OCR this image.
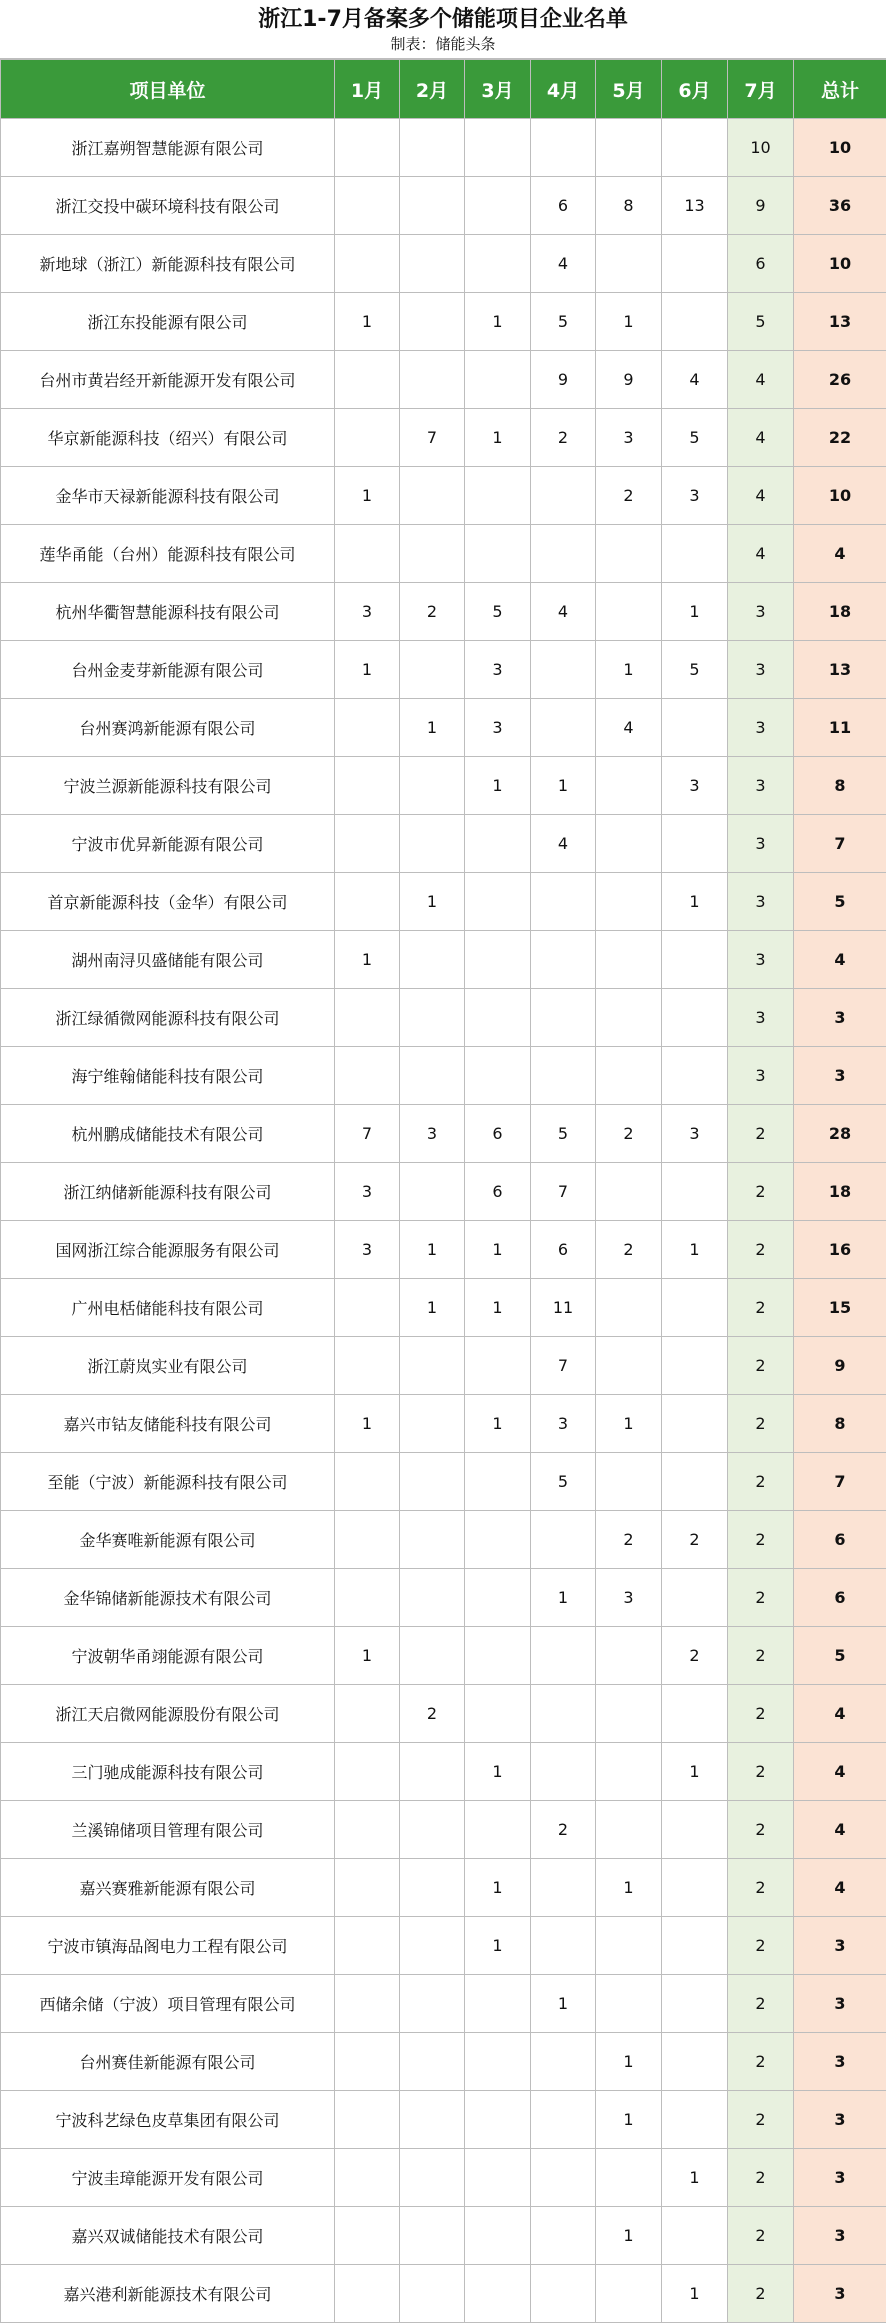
浙江1-7月备案多个储能项目企业名单
制表：储能头条
项目单位	1月	2月	3月	4月	5月	6月	7月	总计
浙江嘉朔智慧能源有限公司							10	10
浙江交投中碳环境科技有限公司				6	8	13	9	36
新地球（浙江）新能源科技有限公司				4			6	10
浙江东投能源有限公司	1		1	5	1		5	13
台州市黄岩经开新能源开发有限公司				9	9	4	4	26
华京新能源科技（绍兴）有限公司		7	1	2	3	5	4	22
金华市天禄新能源科技有限公司	1				2	3	4	10
莲华甬能（台州）能源科技有限公司							4	4
杭州华衢智慧能源科技有限公司	3	2	5	4		1	3	18
台州金麦芽新能源有限公司	1		3		1	5	3	13
台州赛鸿新能源有限公司		1	3		4		3	11
宁波兰源新能源科技有限公司			1	1		3	3	8
宁波市优昇新能源有限公司				4			3	7
首京新能源科技（金华）有限公司		1				1	3	5
湖州南浔贝盛储能有限公司	1						3	4
浙江绿循微网能源科技有限公司							3	3
海宁维翰储能科技有限公司							3	3
杭州鹏成储能技术有限公司	7	3	6	5	2	3	2	28
浙江纳储新能源科技有限公司	3		6	7			2	18
国网浙江综合能源服务有限公司	3	1	1	6	2	1	2	16
广州电栝储能科技有限公司		1	1	11			2	15
浙江蔚岚实业有限公司				7			2	9
嘉兴市钴友储能科技有限公司	1		1	3	1		2	8
至能（宁波）新能源科技有限公司				5			2	7
金华赛唯新能源有限公司					2	2	2	6
金华锦储新能源技术有限公司				1	3		2	6
宁波朝华甬翊能源有限公司	1					2	2	5
浙江天启微网能源股份有限公司		2					2	4
三门驰成能源科技有限公司			1			1	2	4
兰溪锦储项目管理有限公司				2			2	4
嘉兴赛雅新能源有限公司			1		1		2	4
宁波市镇海品阁电力工程有限公司			1				2	3
西储余储（宁波）项目管理有限公司				1			2	3
台州赛佳新能源有限公司					1		2	3
宁波科艺绿色皮草集团有限公司					1		2	3
宁波圭璋能源开发有限公司						1	2	3
嘉兴双诚储能技术有限公司					1		2	3
嘉兴港利新能源技术有限公司						1	2	3
